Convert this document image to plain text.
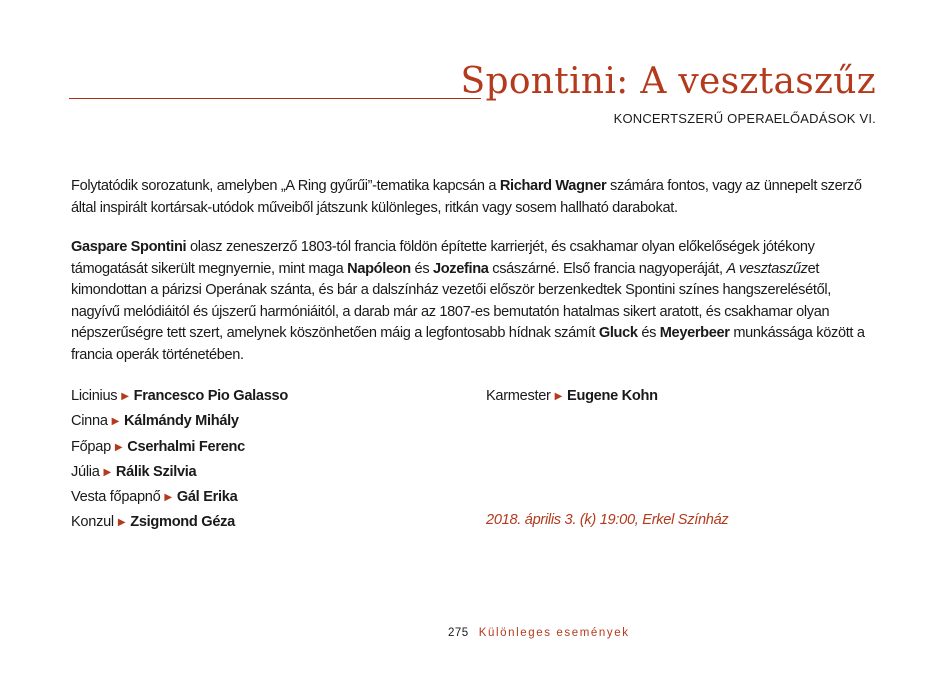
Spontini: A vesztaszűz
KONCERTSZERŰ OPERAELŐADÁSOK VI.

Folytatódik sorozatunk, amelyben „A Ring gyűrűi”-tematika kapcsán a Richard Wagner számára fontos, vagy az ünnepelt szerző által inspirált kortársak-utódok műveiből játszunk különleges, ritkán vagy sosem hallható darabokat.

Gaspare Spontini olasz zeneszerző 1803-tól francia földön építette karrierjét, és csakhamar olyan előkelőségek jótékony támogatását sikerült megnyernie, mint maga Napóleon és Jozefina császárné. Első francia nagyoperáját, A vesztaszűzet kimondottan a párizsi Operának szánta, és bár a dalszínház vezetői először berzenkedtek Spontini színes hangszerelésétől, nagyívű melódiáitól és újszerű harmóniáitól, a darab már az 1807-es bemutatón hatalmas sikert aratott, és csakhamar olyan népszerűségre tett szert, amelynek köszönhetően máig a legfontosabb hídnak számít Gluck és Meyerbeer munkássága között a francia operák történetében.

Licinius ▶ Francesco Pio Galasso
Cinna ▶ Kálmándy Mihály
Főpap ▶ Cserhalmi Ferenc
Júlia ▶ Rálik Szilvia
Vesta főpapnő ▶ Gál Erika
Konzul ▶ Zsigmond Géza
Karmester ▶ Eugene Kohn
2018. április 3. (k) 19:00, Erkel Színház
275 Különleges események
